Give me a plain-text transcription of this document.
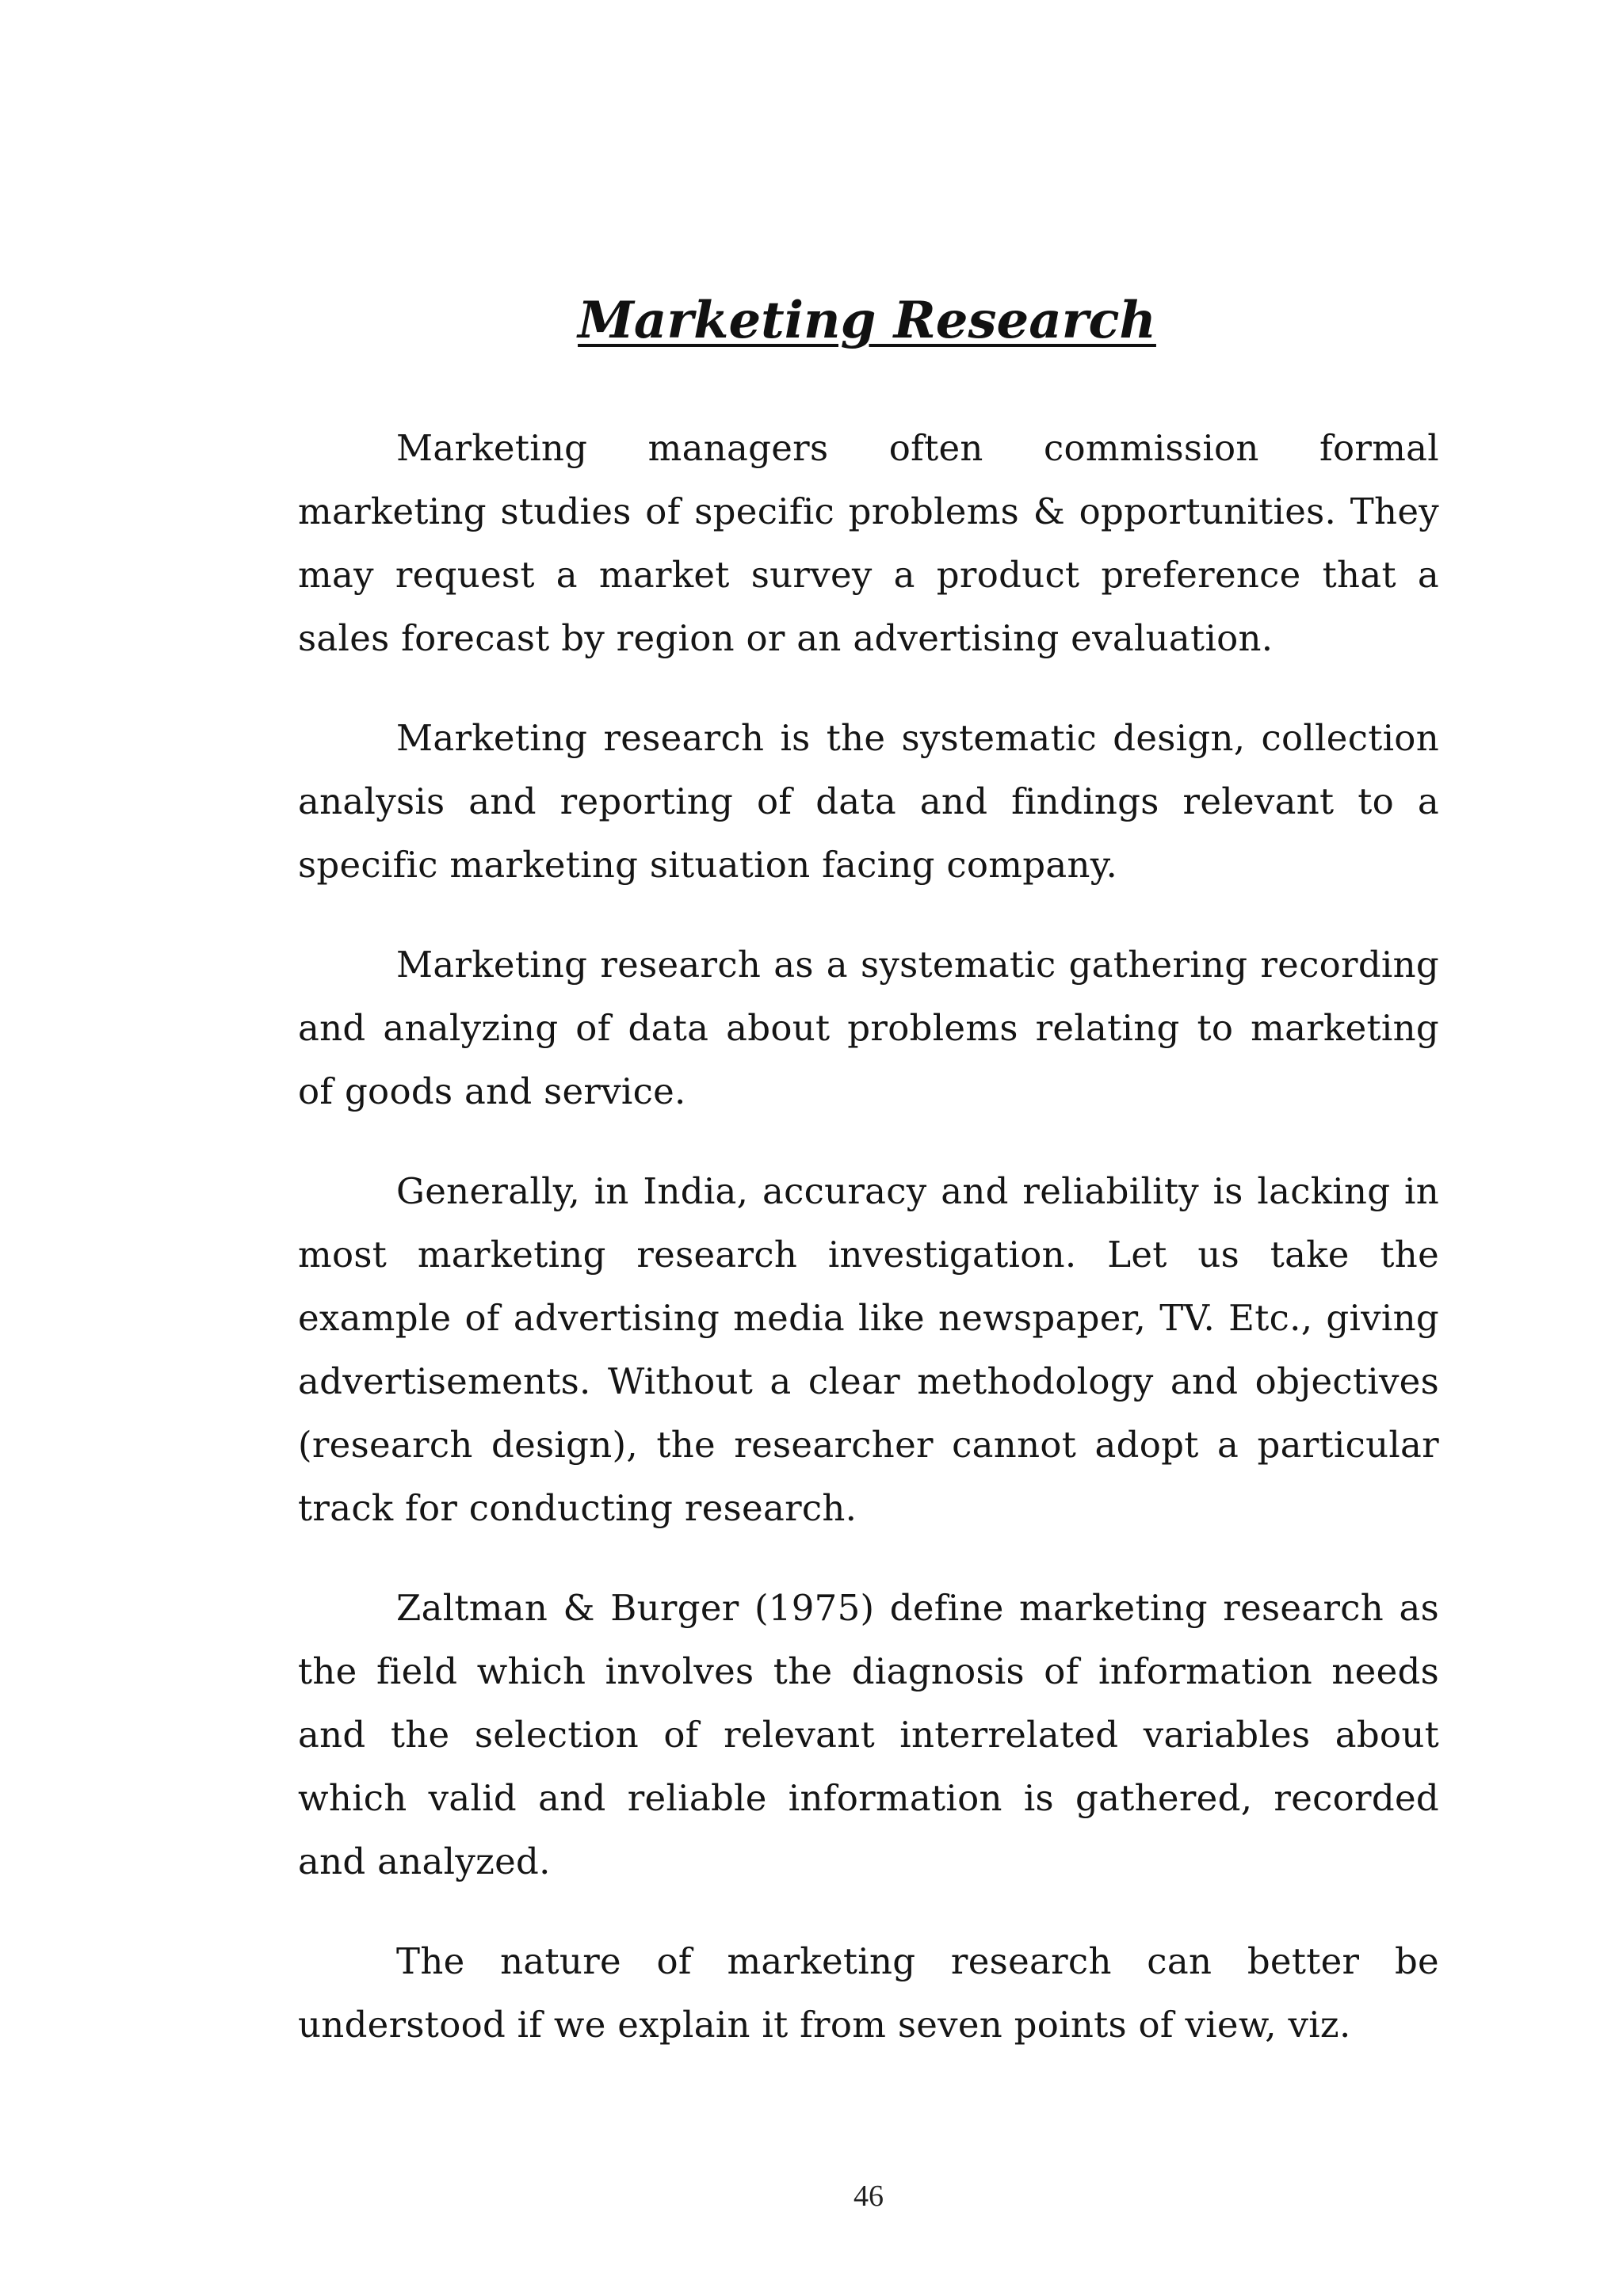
Marketing Research

Marketing managers often commission formal marketing studies of specific problems & opportunities. They may request a market survey a product preference that a sales forecast by region or an advertising evaluation.

Marketing research is the systematic design, collection analysis and reporting of data and findings relevant to a specific marketing situation facing company.

Marketing research as a systematic gathering recording and analyzing of data about problems relating to marketing of goods and service.

Generally, in India, accuracy and reliability is lacking in most marketing research investigation. Let us take the example of advertising media like newspaper, TV. Etc., giving advertisements. Without a clear methodology and objectives (research design), the researcher cannot adopt a particular track for conducting research.

Zaltman & Burger (1975) define marketing research as the field which involves the diagnosis of information needs and the selection of relevant interrelated variables about which valid and reliable information is gathered, recorded and analyzed.

The nature of marketing research can better be understood if we explain it from seven points of view, viz.

46
